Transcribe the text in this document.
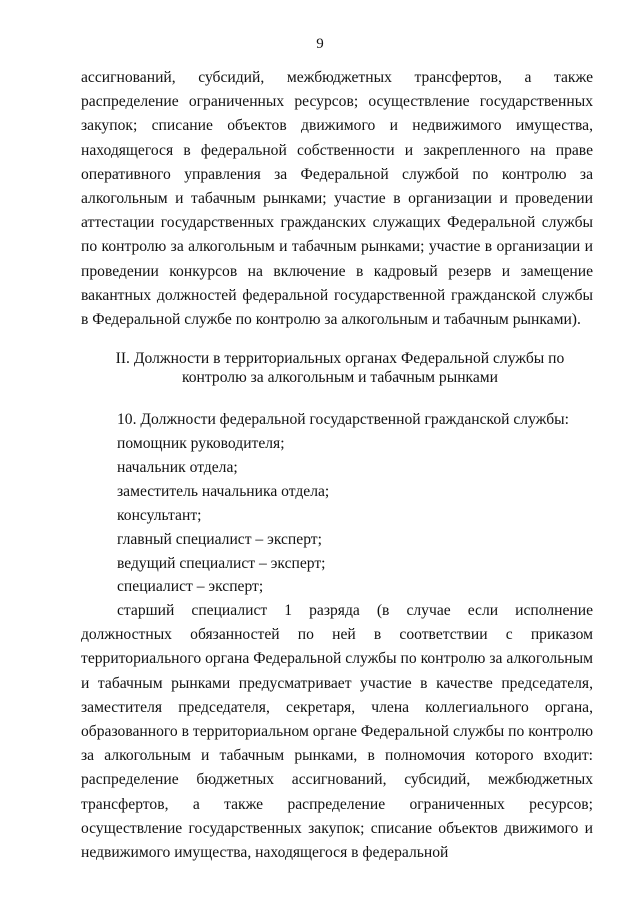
9

ассигнований, субсидий, межбюджетных трансфертов, а также распределение ограниченных ресурсов; осуществление государственных закупок; списание объектов движимого и недвижимого имущества, находящегося в федеральной собственности и закрепленного на праве оперативного управления за Федеральной службой по контролю за алкогольным и табачным рынками; участие в организации и проведении аттестации государственных гражданских служащих Федеральной службы по контролю за алкогольным и табачным рынками; участие в организации и проведении конкурсов на включение в кадровый резерв и замещение вакантных должностей федеральной государственной гражданской службы в Федеральной службе по контролю за алкогольным и табачным рынками).

II. Должности в территориальных органах Федеральной службы по
контролю за алкогольным и табачным рынками
10. Должности федеральной государственной гражданской службы:
помощник руководителя;
начальник отдела;
заместитель начальника отдела;
консультант;
главный специалист – эксперт;
ведущий специалист – эксперт;
специалист – эксперт;

старший специалист 1 разряда (в случае если исполнение должностных обязанностей по ней в соответствии с приказом территориального органа Федеральной службы по контролю за алкогольным и табачным рынками предусматривает участие в качестве председателя, заместителя председателя, секретаря, члена коллегиального органа, образованного в территориальном органе Федеральной службы по контролю за алкогольным и табачным рынками, в полномочия которого входит: распределение бюджетных ассигнований, субсидий, межбюджетных трансфертов, а также распределение ограниченных ресурсов; осуществление государственных закупок; списание объектов движимого и недвижимого имущества, находящегося в федеральной
